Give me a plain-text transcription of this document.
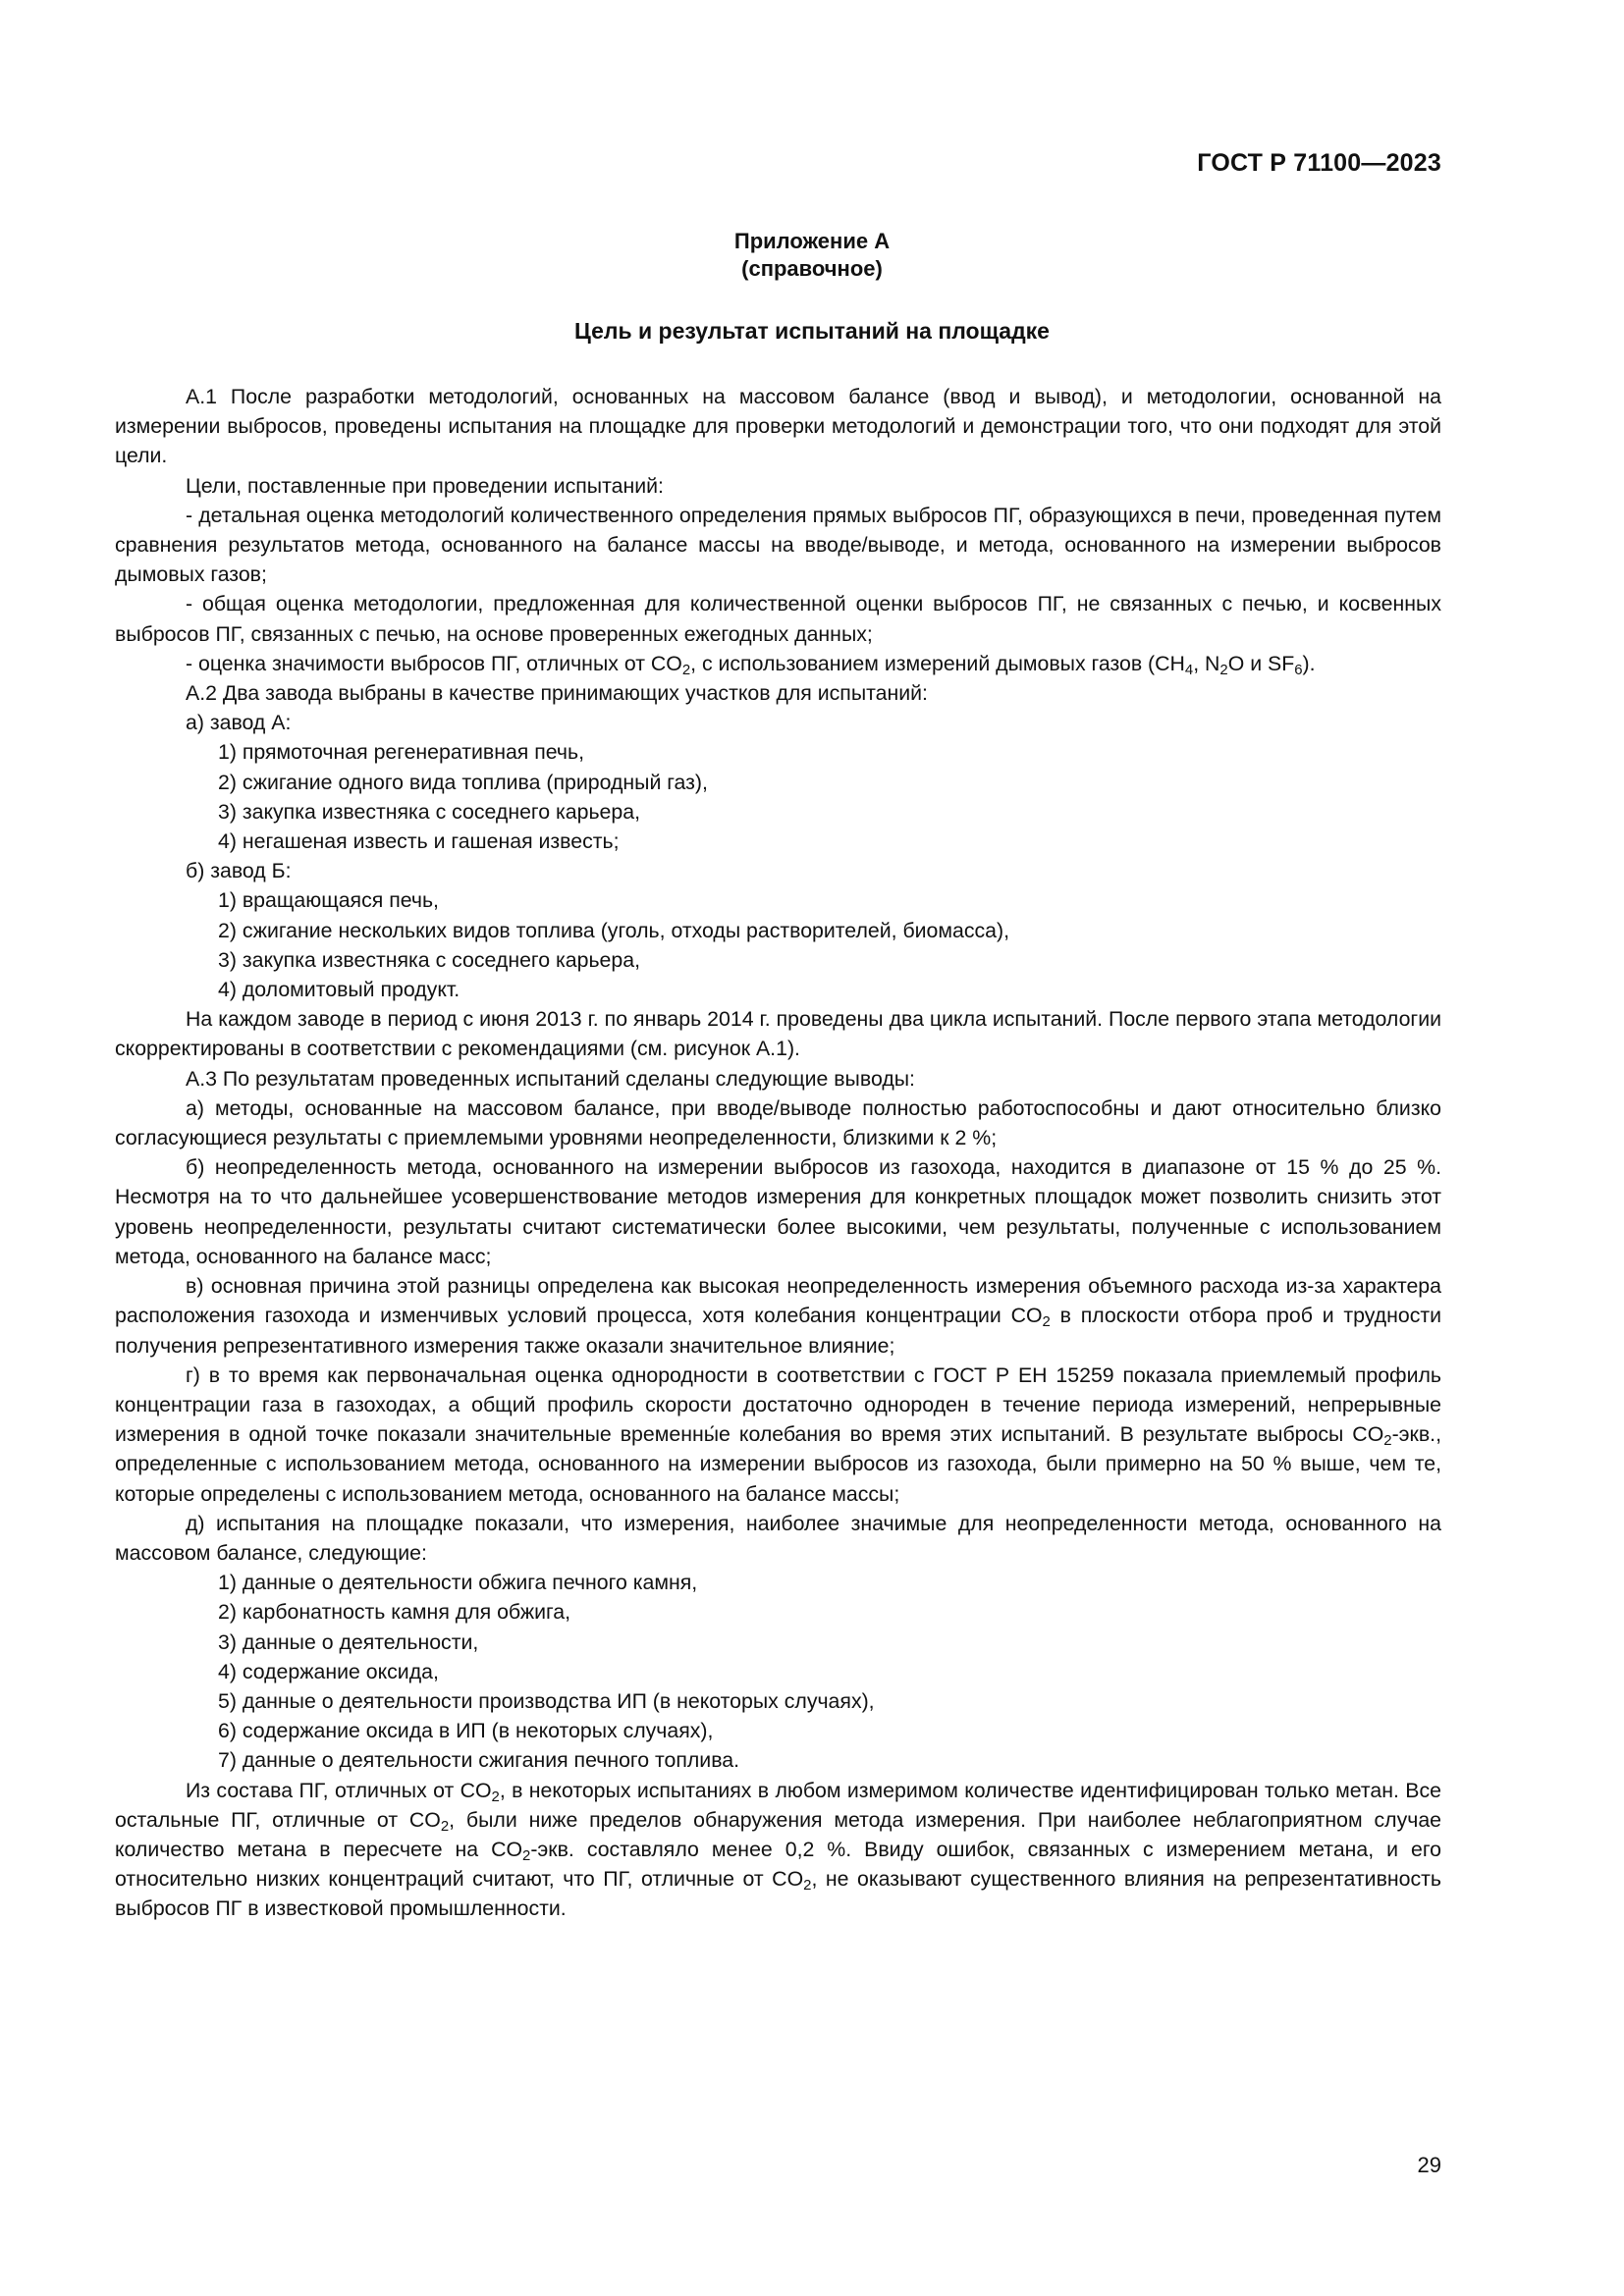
ГОСТ Р 71100—2023
Приложение А
(справочное)
Цель и результат испытаний на площадке

А.1 После разработки методологий, основанных на массовом балансе (ввод и вывод), и методологии, основанной на измерении выбросов, проведены испытания на площадке для проверки методологий и демонстрации того, что они подходят для этой цели.

Цели, поставленные при проведении испытаний:

- детальная оценка методологий количественного определения прямых выбросов ПГ, образующихся в печи, проведенная путем сравнения результатов метода, основанного на балансе массы на вводе/выводе, и метода, основанного на измерении выбросов дымовых газов;

- общая оценка методологии, предложенная для количественной оценки выбросов ПГ, не связанных с печью, и косвенных выбросов ПГ, связанных с печью, на основе проверенных ежегодных данных;

- оценка значимости выбросов ПГ, отличных от $CO_2$, с использованием измерений дымовых газов ($CH_4$, $N_2O$ и $SF_6$).

А.2 Два завода выбраны в качестве принимающих участков для испытаний:

а) завод А:

1) прямоточная регенеративная печь,

2) сжигание одного вида топлива (природный газ),

3) закупка известняка с соседнего карьера,

4) негашеная известь и гашеная известь;

б) завод Б:

1) вращающаяся печь,

2) сжигание нескольких видов топлива (уголь, отходы растворителей, биомасса),

3) закупка известняка с соседнего карьера,

4) доломитовый продукт.

На каждом заводе в период с июня 2013 г. по январь 2014 г. проведены два цикла испытаний. После первого этапа методологии скорректированы в соответствии с рекомендациями (см. рисунок А.1).

А.3 По результатам проведенных испытаний сделаны следующие выводы:

а) методы, основанные на массовом балансе, при вводе/выводе полностью работоспособны и дают относительно близко согласующиеся результаты с приемлемыми уровнями неопределенности, близкими к 2 %;

б) неопределенность метода, основанного на измерении выбросов из газохода, находится в диапазоне от 15 % до 25 %. Несмотря на то что дальнейшее усовершенствование методов измерения для конкретных площадок может позволить снизить этот уровень неопределенности, результаты считают систематически более высокими, чем результаты, полученные с использованием метода, основанного на балансе масс;

в) основная причина этой разницы определена как высокая неопределенность измерения объемного расхода из-за характера расположения газохода и изменчивых условий процесса, хотя колебания концентрации $CO_2$ в плоскости отбора проб и трудности получения репрезентативного измерения также оказали значительное влияние;

г) в то время как первоначальная оценка однородности в соответствии с ГОСТ Р ЕН 15259 показала приемлемый профиль концентрации газа в газоходах, а общий профиль скорости достаточно однороден в течение периода измерений, непрерывные измерения в одной точке показали значительные временны́е колебания во время этих испытаний. В результате выбросы $CO_2$-экв., определенные с использованием метода, основанного на измерении выбросов из газохода, были примерно на 50 % выше, чем те, которые определены с использованием метода, основанного на балансе массы;

д) испытания на площадке показали, что измерения, наиболее значимые для неопределенности метода, основанного на массовом балансе, следующие:

1) данные о деятельности обжига печного камня,

2) карбонатность камня для обжига,

3) данные о деятельности,

4) содержание оксида,

5) данные о деятельности производства ИП (в некоторых случаях),

6) содержание оксида в ИП (в некоторых случаях),

7) данные о деятельности сжигания печного топлива.

Из состава ПГ, отличных от $CO_2$, в некоторых испытаниях в любом измеримом количестве идентифицирован только метан. Все остальные ПГ, отличные от $CO_2$, были ниже пределов обнаружения метода измерения. При наиболее неблагоприятном случае количество метана в пересчете на $CO_2$-экв. составляло менее 0,2 %. Ввиду ошибок, связанных с измерением метана, и его относительно низких концентраций считают, что ПГ, отличные от $CO_2$, не оказывают существенного влияния на репрезентативность выбросов ПГ в известковой промышленности.

29
